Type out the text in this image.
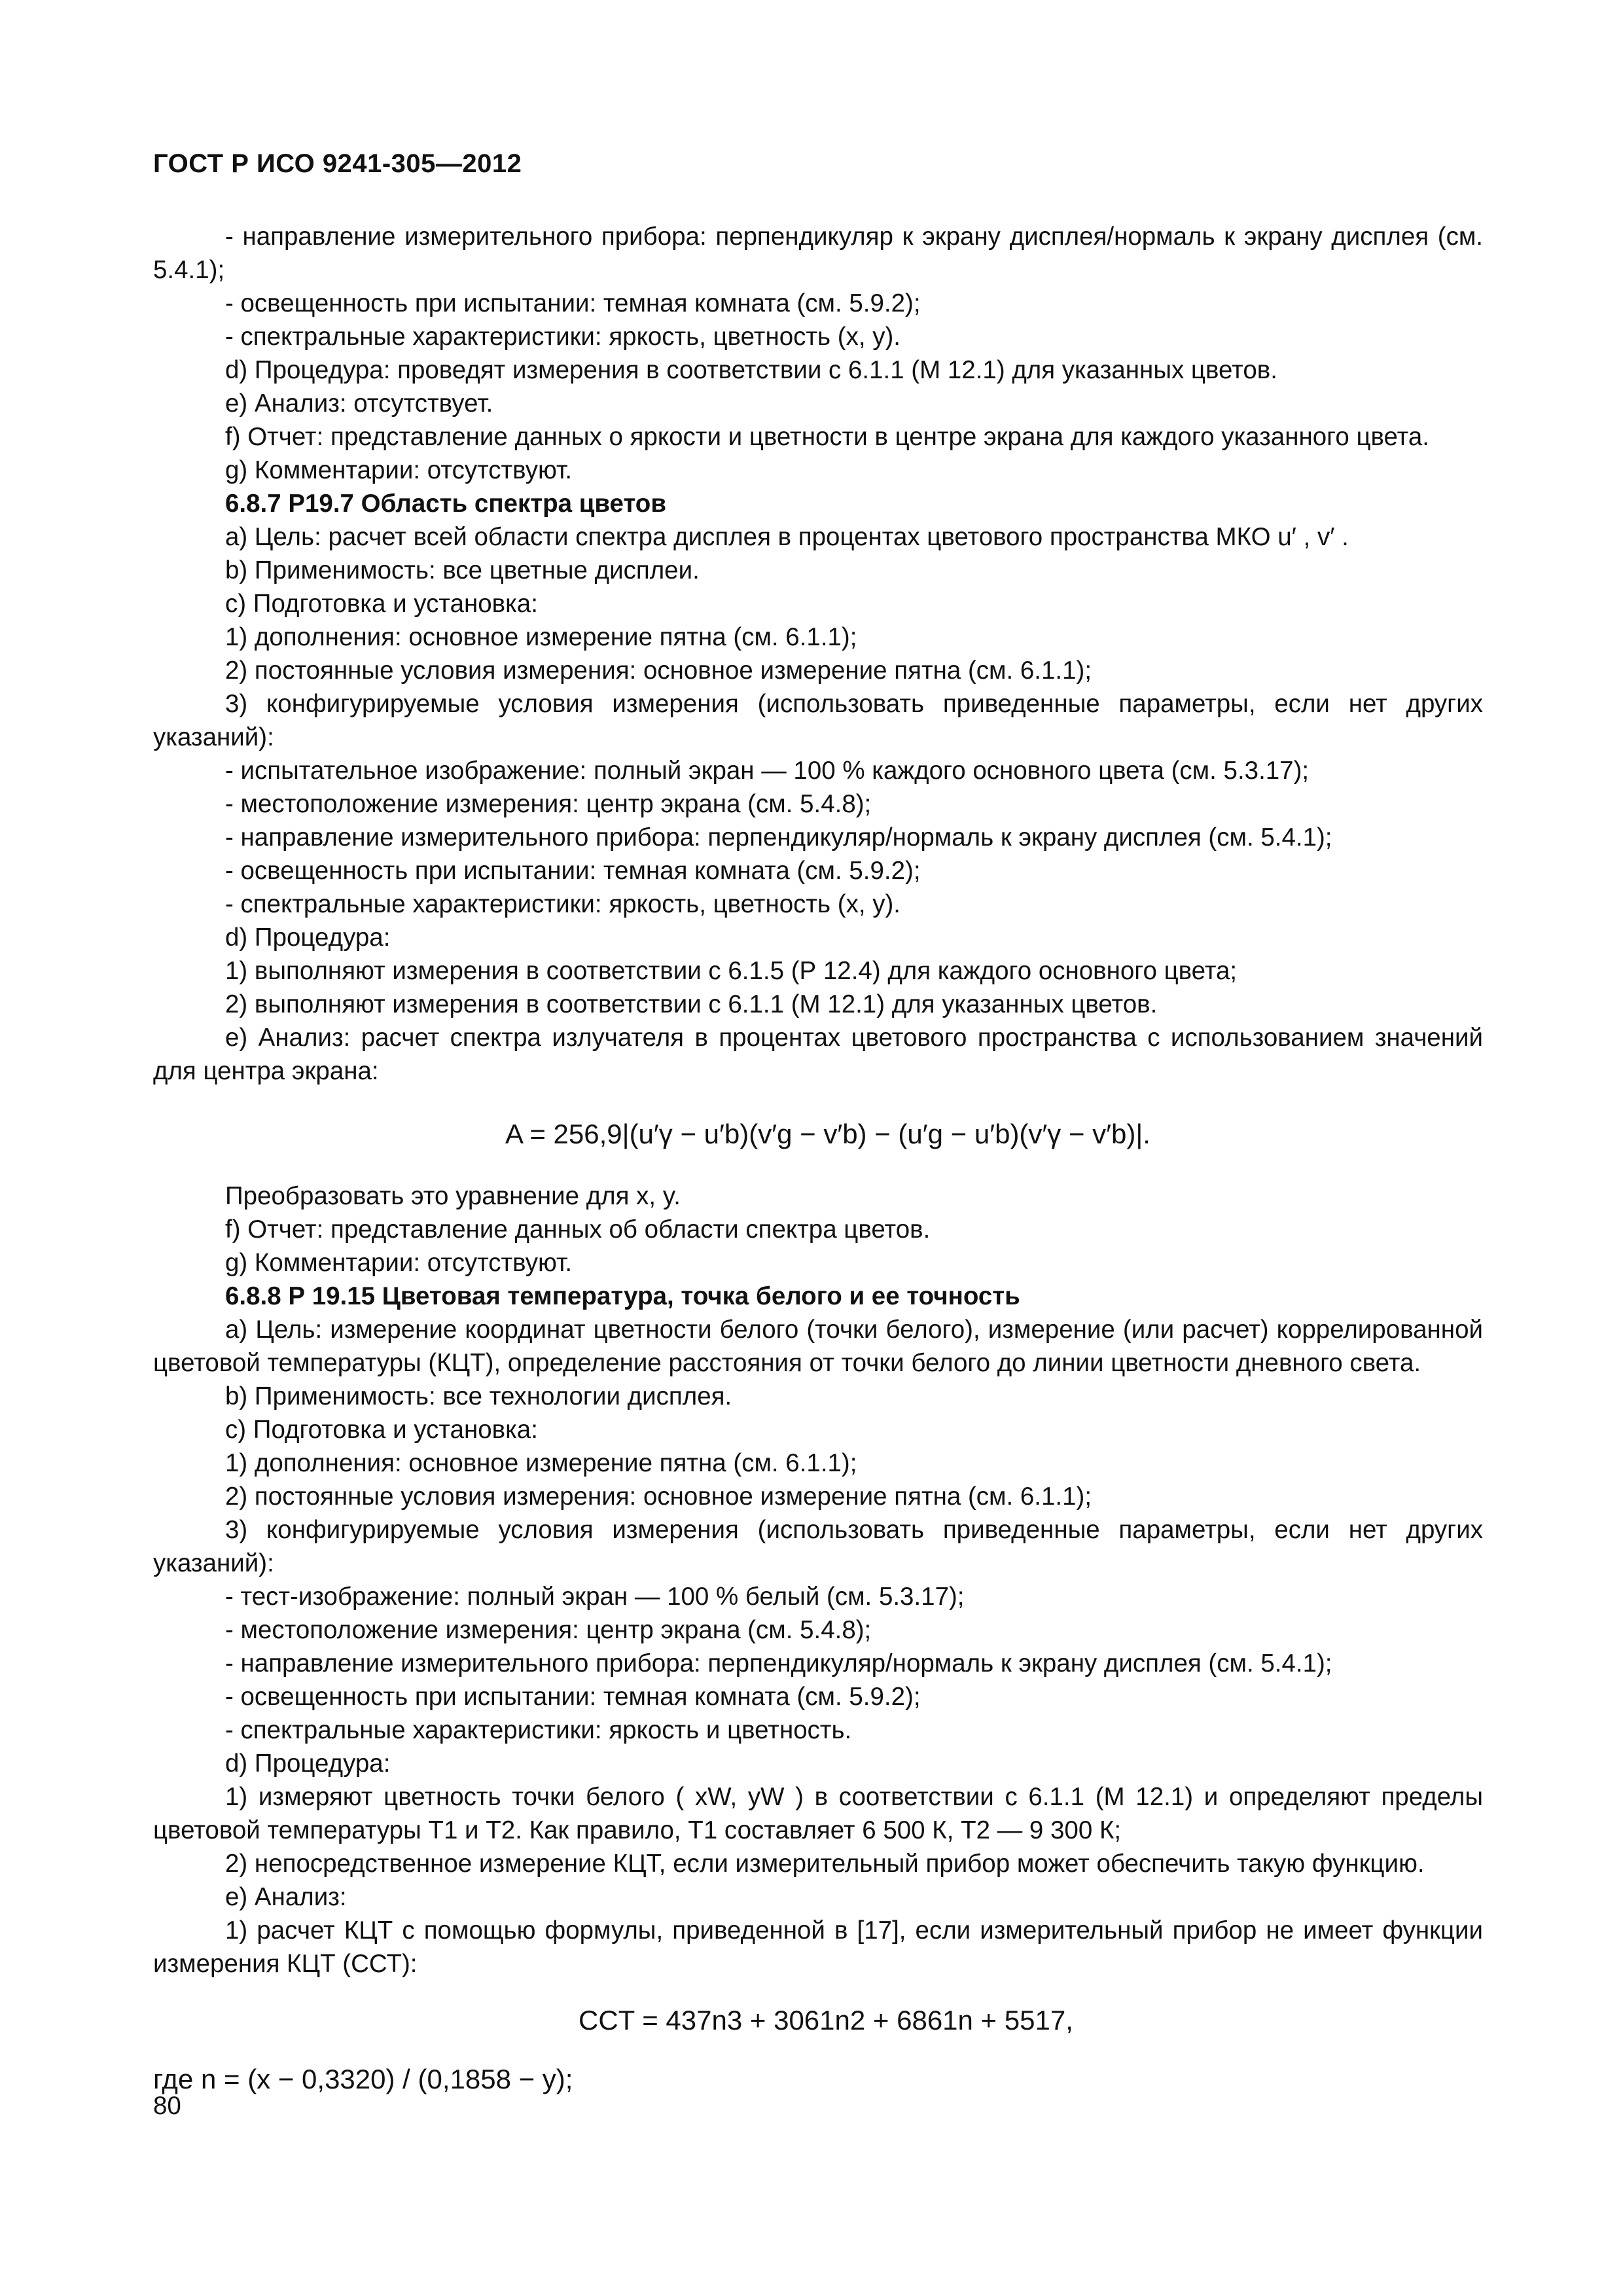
ГОСТ Р ИСО 9241-305—2012

- направление измерительного прибора: перпендикуляр к экрану дисплея/нормаль к экрану дисплея (см. 5.4.1);

- освещенность при испытании: темная комната (см. 5.9.2);

- спектральные характеристики: яркость, цветность (x, y).

d) Процедура: проведят измерения в соответствии с 6.1.1 (М 12.1) для указанных цветов.

e) Анализ: отсутствует.

f) Отчет: представление данных о яркости и цветности в центре экрана для каждого указанного цвета.

g) Комментарии: отсутствуют.

6.8.7 Р19.7 Область спектра цветов

a) Цель: расчет всей области спектра дисплея в процентах цветового пространства МКО u′ , v′ .

b) Применимость: все цветные дисплеи.

c) Подготовка и установка:

1) дополнения: основное измерение пятна (см. 6.1.1);

2) постоянные условия измерения: основное измерение пятна (см. 6.1.1);

3) конфигурируемые условия измерения (использовать приведенные параметры, если нет других указаний):

- испытательное изображение: полный экран — 100 % каждого основного цвета (см. 5.3.17);

- местоположение измерения: центр экрана (см. 5.4.8);

- направление измерительного прибора: перпендикуляр/нормаль к экрану дисплея (см. 5.4.1);

- освещенность при испытании: темная комната (см. 5.9.2);

- спектральные характеристики: яркость, цветность (x, y).

d) Процедура:

1) выполняют измерения в соответствии с 6.1.5 (Р 12.4) для каждого основного цвета;

2) выполняют измерения в соответствии с 6.1.1 (М 12.1) для указанных цветов.

e) Анализ: расчет спектра излучателя в процентах цветового пространства с использованием значений для центра экрана:

A = 256,9|(u′γ − u′b)(v′g − v′b) − (u′g − u′b)(v′γ − v′b)|.

Преобразовать это уравнение для x, y.

f) Отчет: представление данных об области спектра цветов.

g) Комментарии: отсутствуют.

6.8.8 Р 19.15 Цветовая температура, точка белого и ее точность

a) Цель: измерение координат цветности белого (точки белого), измерение (или расчет) коррелированной цветовой температуры (КЦТ), определение расстояния от точки белого до линии цветности дневного света.

b) Применимость: все технологии дисплея.

c) Подготовка и установка:

1) дополнения: основное измерение пятна (см. 6.1.1);

2) постоянные условия измерения: основное измерение пятна (см. 6.1.1);

3) конфигурируемые условия измерения (использовать приведенные параметры, если нет других указаний):

- тест-изображение: полный экран — 100 % белый (см. 5.3.17);

- местоположение измерения: центр экрана (см. 5.4.8);

- направление измерительного прибора: перпендикуляр/нормаль к экрану дисплея (см. 5.4.1);

- освещенность при испытании: темная комната (см. 5.9.2);

- спектральные характеристики: яркость и цветность.

d) Процедура:

1) измеряют цветность точки белого ( xW, yW ) в соответствии с 6.1.1 (М 12.1) и определяют пределы цветовой температуры T1 и T2. Как правило, T1 составляет 6 500 К, T2 — 9 300 К;

2) непосредственное измерение КЦТ, если измерительный прибор может обеспечить такую функцию.

e) Анализ:

1) расчет КЦТ с помощью формулы, приведенной в [17], если измерительный прибор не имеет функции измерения КЦТ (ССТ):

CCT = 437n3 + 3061n2 + 6861n + 5517,
где n = (x − 0,3320) / (0,1858 − y);
80
